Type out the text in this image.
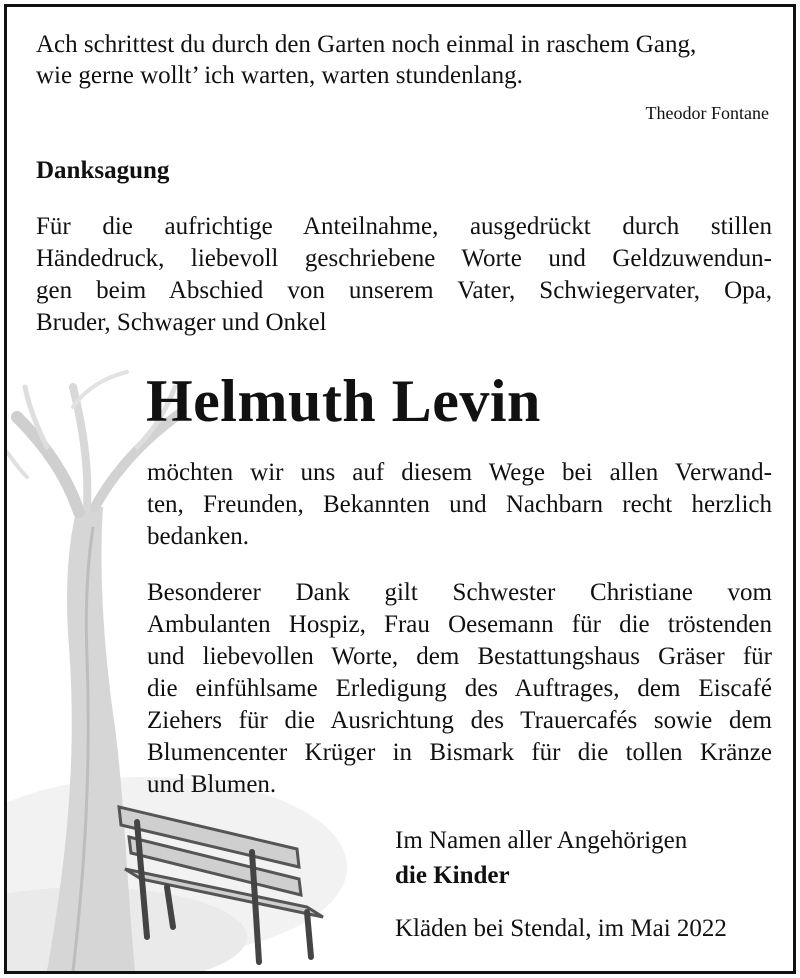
Ach schrittest du durch den Garten noch einmal in raschem Gang,
wie gerne wollt’ ich warten, warten stundenlang.
Theodor Fontane
Danksagung
Für die aufrichtige Anteilnahme, ausgedrückt durch stillen
Händedruck, liebevoll geschriebene Worte und Geldzuwendun-
gen beim Abschied von unserem Vater, Schwiegervater, Opa,
Bruder, Schwager und Onkel
Helmuth Levin
möchten wir uns auf diesem Wege bei allen Verwand-
ten, Freunden, Bekannten und Nachbarn recht herzlich
bedanken.
Besonderer Dank gilt Schwester Christiane vom
Ambulanten Hospiz, Frau Oesemann für die tröstenden
und liebevollen Worte, dem Bestattungshaus Gräser für
die einfühlsame Erledigung des Auftrages, dem Eiscafé
Ziehers für die Ausrichtung des Trauercafés sowie dem
Blumencenter Krüger in Bismark für die tollen Kränze
und Blumen.
Im Namen aller Angehörigen
die Kinder
Kläden bei Stendal, im Mai 2022
